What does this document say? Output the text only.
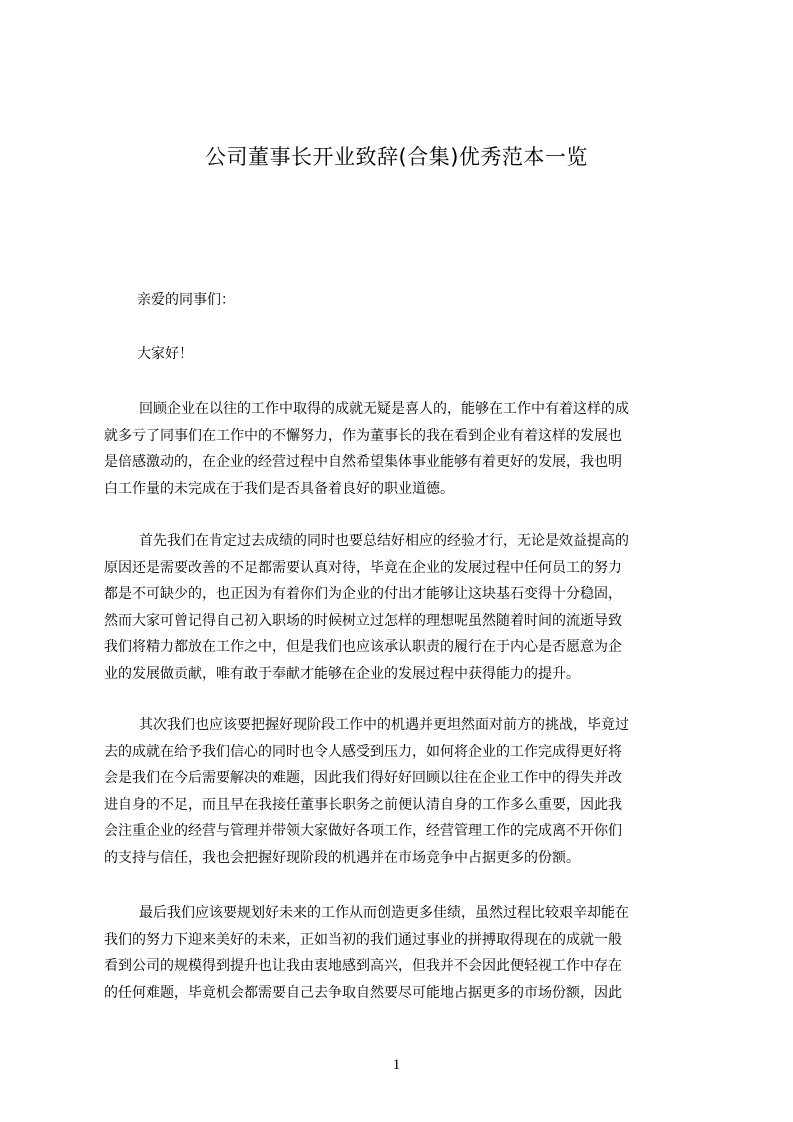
公司董事长开业致辞(合集)优秀范本一览

亲爱的同事们：

大家好！

回顾企业在以往的工作中取得的成就无疑是喜人的，能够在工作中有着这样的成
就多亏了同事们在工作中的不懈努力，作为董事长的我在看到企业有着这样的发展也
是倍感激动的，在企业的经营过程中自然希望集体事业能够有着更好的发展，我也明
白工作量的未完成在于我们是否具备着良好的职业道德。
首先我们在肯定过去成绩的同时也要总结好相应的经验才行，无论是效益提高的
原因还是需要改善的不足都需要认真对待，毕竟在企业的发展过程中任何员工的努力
都是不可缺少的，也正因为有着你们为企业的付出才能够让这块基石变得十分稳固，
然而大家可曾记得自己初入职场的时候树立过怎样的理想呢虽然随着时间的流逝导致
我们将精力都放在工作之中，但是我们也应该承认职责的履行在于内心是否愿意为企
业的发展做贡献，唯有敢于奉献才能够在企业的发展过程中获得能力的提升。
其次我们也应该要把握好现阶段工作中的机遇并更坦然面对前方的挑战，毕竟过
去的成就在给予我们信心的同时也令人感受到压力，如何将企业的工作完成得更好将
会是我们在今后需要解决的难题，因此我们得好好回顾以往在企业工作中的得失并改
进自身的不足，而且早在我接任董事长职务之前便认清自身的工作多么重要，因此我
会注重企业的经营与管理并带领大家做好各项工作，经营管理工作的完成离不开你们
的支持与信任，我也会把握好现阶段的机遇并在市场竞争中占据更多的份额。
最后我们应该要规划好未来的工作从而创造更多佳绩，虽然过程比较艰辛却能在
我们的努力下迎来美好的未来，正如当初的我们通过事业的拼搏取得现在的成就一般
看到公司的规模得到提升也让我由衷地感到高兴，但我并不会因此便轻视工作中存在
的任何难题，毕竟机会都需要自己去争取自然要尽可能地占据更多的市场份额，因此

1
